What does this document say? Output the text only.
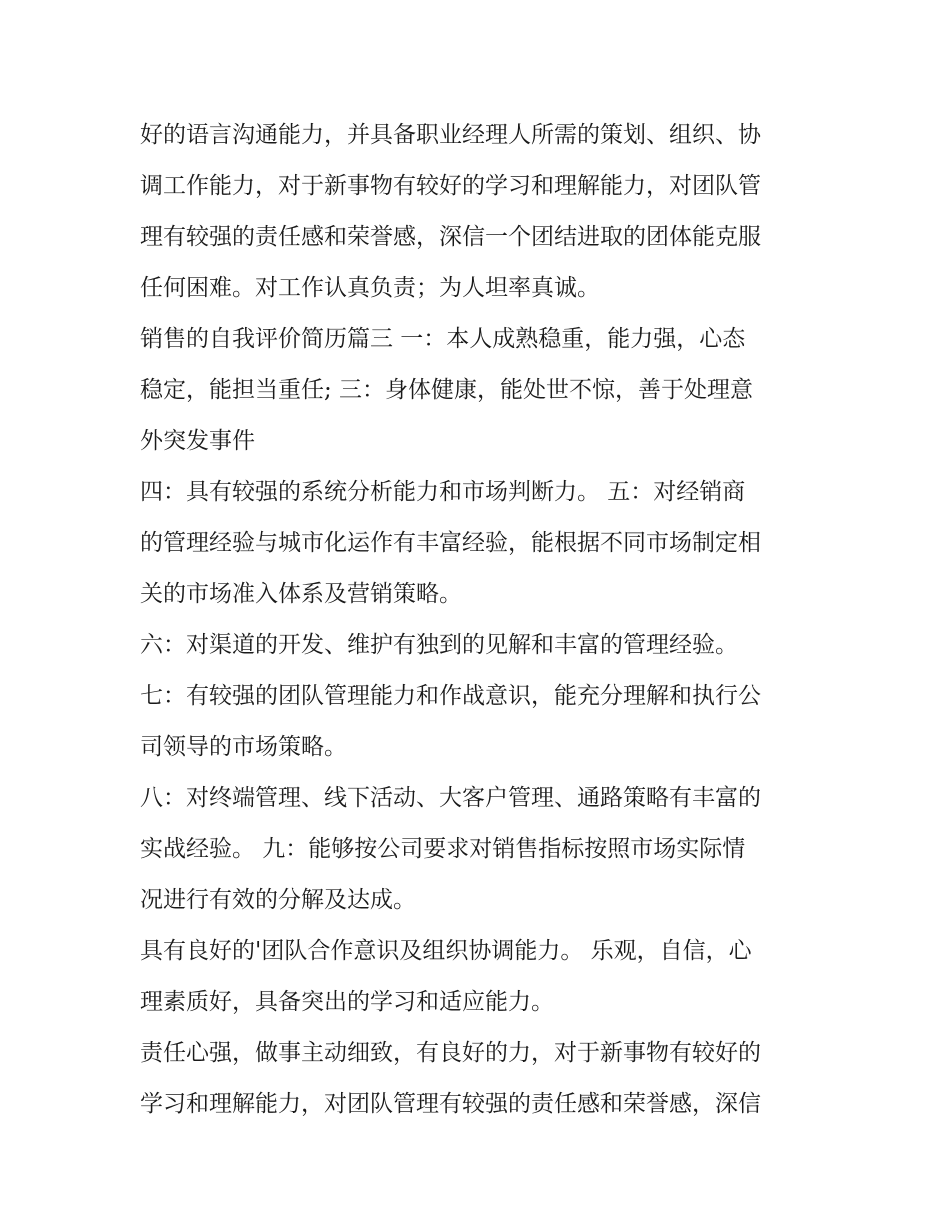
好的语言沟通能力，并具备职业经理人所需的策划、组织、协
调工作能力，对于新事物有较好的学习和理解能力，对团队管
理有较强的责任感和荣誉感，深信一个团结进取的团体能克服
任何困难。对工作认真负责；为人坦率真诚。
销售的自我评价简历篇三 一：本人成熟稳重，能力强，心态
稳定，能担当重任; 三：身体健康，能处世不惊，善于处理意
外突发事件
四：具有较强的系统分析能力和市场判断力。 五：对经销商
的管理经验与城市化运作有丰富经验，能根据不同市场制定相
关的市场准入体系及营销策略。
六：对渠道的开发、维护有独到的见解和丰富的管理经验。
七：有较强的团队管理能力和作战意识，能充分理解和执行公
司领导的市场策略。
八：对终端管理、线下活动、大客户管理、通路策略有丰富的
实战经验。 九：能够按公司要求对销售指标按照市场实际情
况进行有效的分解及达成。
具有良好的'团队合作意识及组织协调能力。 乐观，自信，心
理素质好，具备突出的学习和适应能力。
责任心强，做事主动细致，有良好的力，对于新事物有较好的
学习和理解能力，对团队管理有较强的责任感和荣誉感，深信
